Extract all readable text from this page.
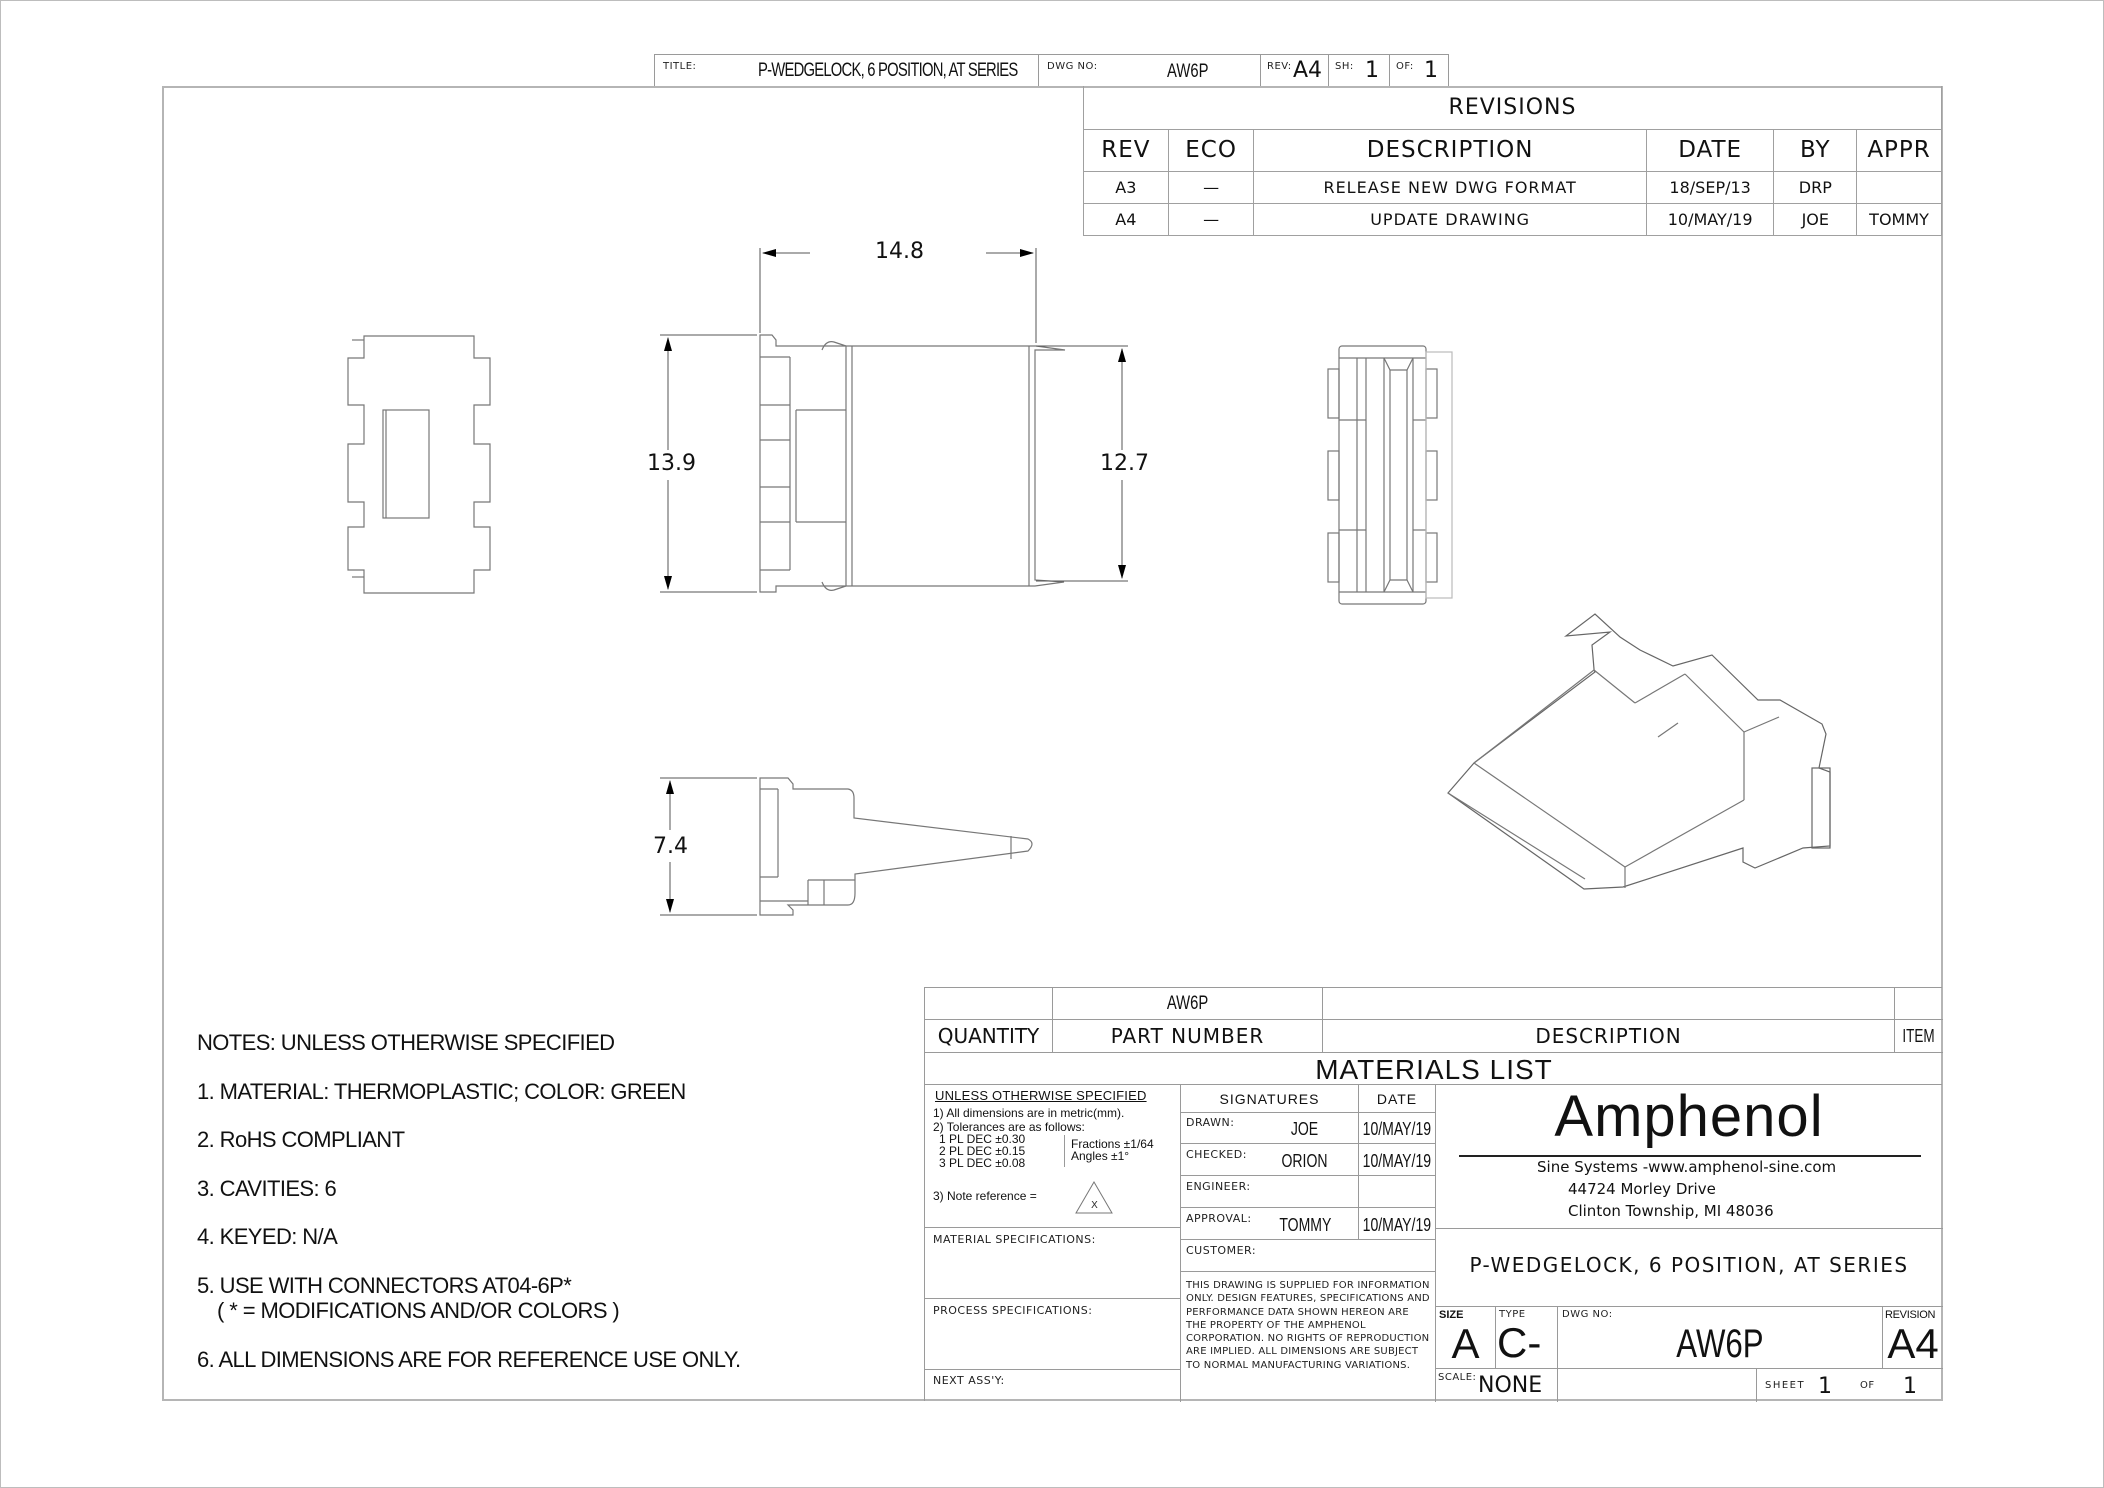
TITLE:	P-WEDGELOCK, 6 POSITION, AT SERIES	DWG NO:	AW6P	REV: A4 SH: 1 OF: 1
REVISIONS					
REV	ECO	DESCRIPTION	DATE	BY	APPR
A3	—	RELEASE NEW DWG FORMAT	18/SEP/13	DRP	
A4	—	UPDATE DRAWING	10/MAY/19	JOE	TOMMY
14.8
13.9	12.7
7.4
NOTES: UNLESS OTHERWISE SPECIFIED
1. MATERIAL: THERMOPLASTIC; COLOR: GREEN
2. RoHS COMPLIANT
3. CAVITIES: 6
4. KEYED: N/A
5. USE WITH CONNECTORS AT04-6P*
( * = MODIFICATIONS AND/OR COLORS )
6. ALL DIMENSIONS ARE FOR REFERENCE USE ONLY.
AW6P
QUANTITY	PART NUMBER	DESCRIPTION	ITEM
MATERIALS LIST
UNLESS OTHERWISE SPECIFIED
1) All dimensions are in metric(mm).
2) Tolerances are as follows:
1 PL DEC ±0.30
2 PL DEC ±0.15
3 PL DEC ±0.08
Fractions ±1/64
Angles ±1°
3) Note reference =
X
MATERIAL SPECIFICATIONS:
PROCESS SPECIFICATIONS:
NEXT ASS'Y:
SIGNATURES	DATE
DRAWN:	JOE 10/MAY/19
CHECKED: ORION 10/MAY/19
ENGINEER:
APPROVAL: TOMMY 10/MAY/19
CUSTOMER:
THIS DRAWING IS SUPPLIED FOR INFORMATION ONLY. DESIGN FEATURES, SPECIFICATIONS AND PERFORMANCE DATA SHOWN HEREON ARE THE PROPERTY OF THE AMPHENOL CORPORATION. NO RIGHTS OF REPRODUCTION ARE IMPLIED. ALL DIMENSIONS ARE SUBJECT TO NORMAL MANUFACTURING VARIATIONS.
Amphenol
Sine Systems -www.amphenol-sine.com
44724 Morley Drive
Clinton Township, MI 48036
P-WEDGELOCK, 6 POSITION, AT SERIES
SIZE
A
TYPE
C-
DWG NO:
AW6P
REVISION
A4
SCALE: NONE	SHEET 1	OF 1
